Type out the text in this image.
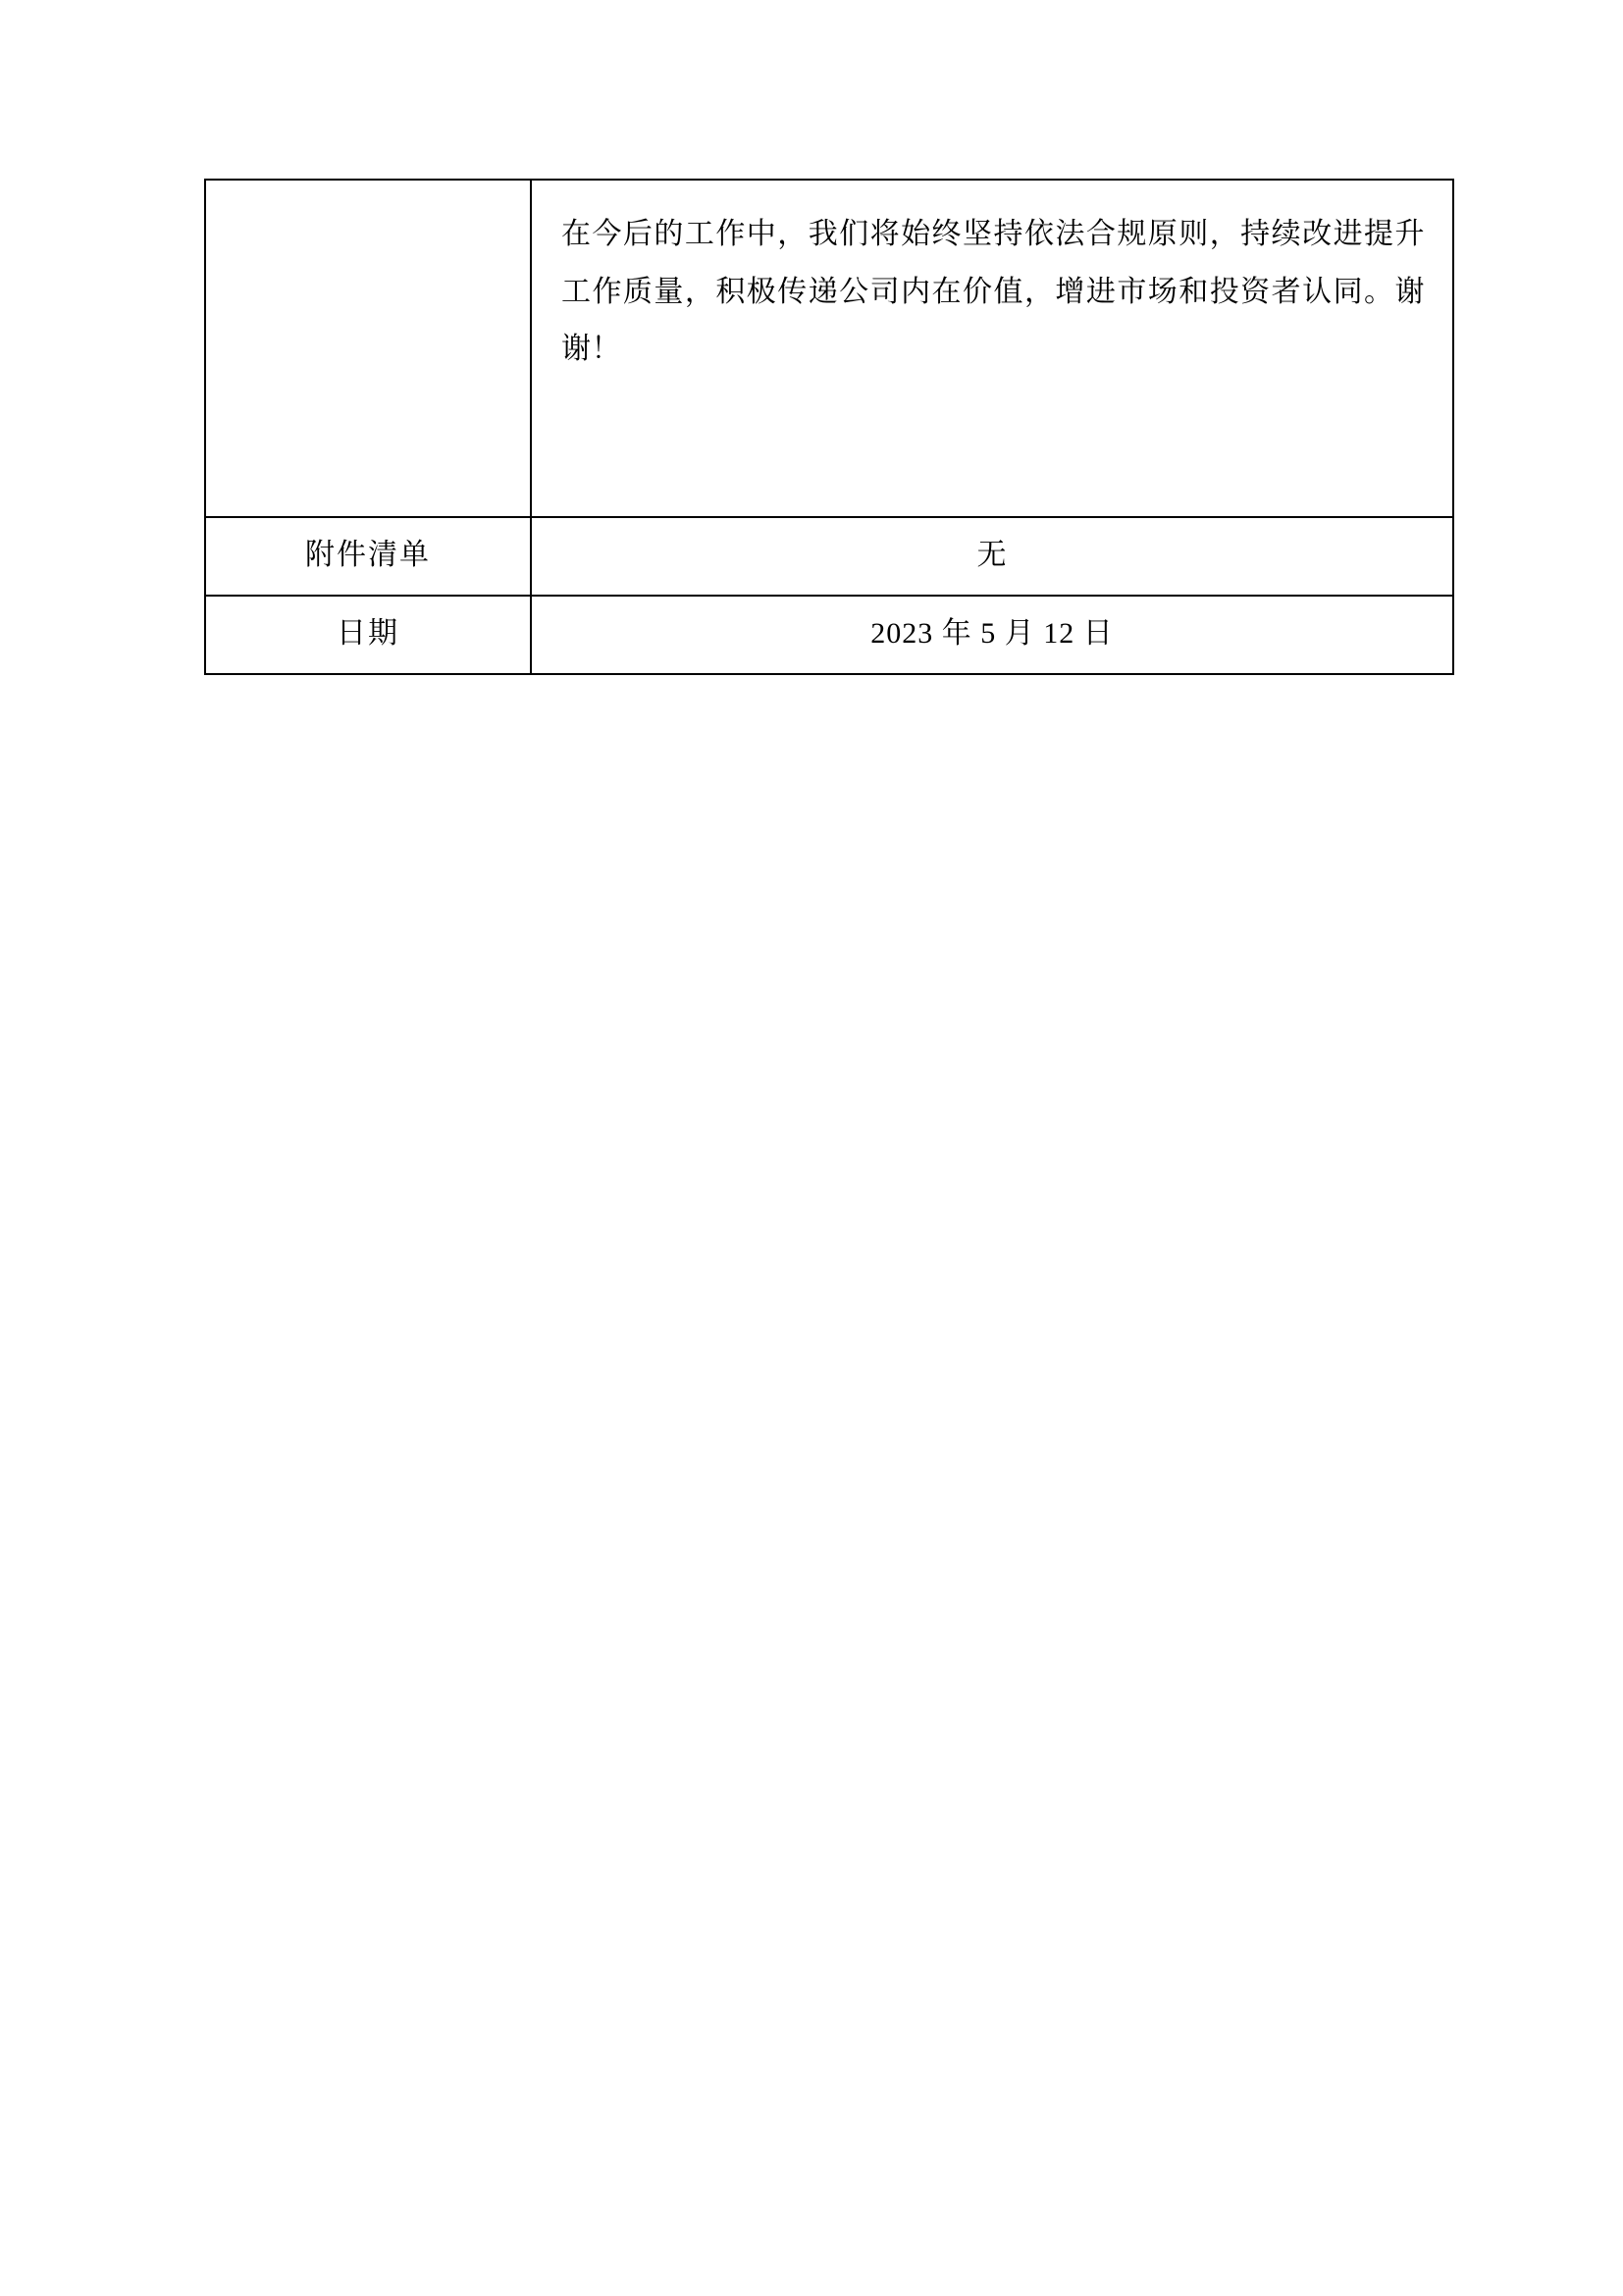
	在今后的工作中，我们将始终坚持依法合规原则，持续改进提升工作质量，积极传递公司内在价值，增进市场和投资者认同。谢谢！

附件清单	无

日期	2023 年 5 月 12 日
